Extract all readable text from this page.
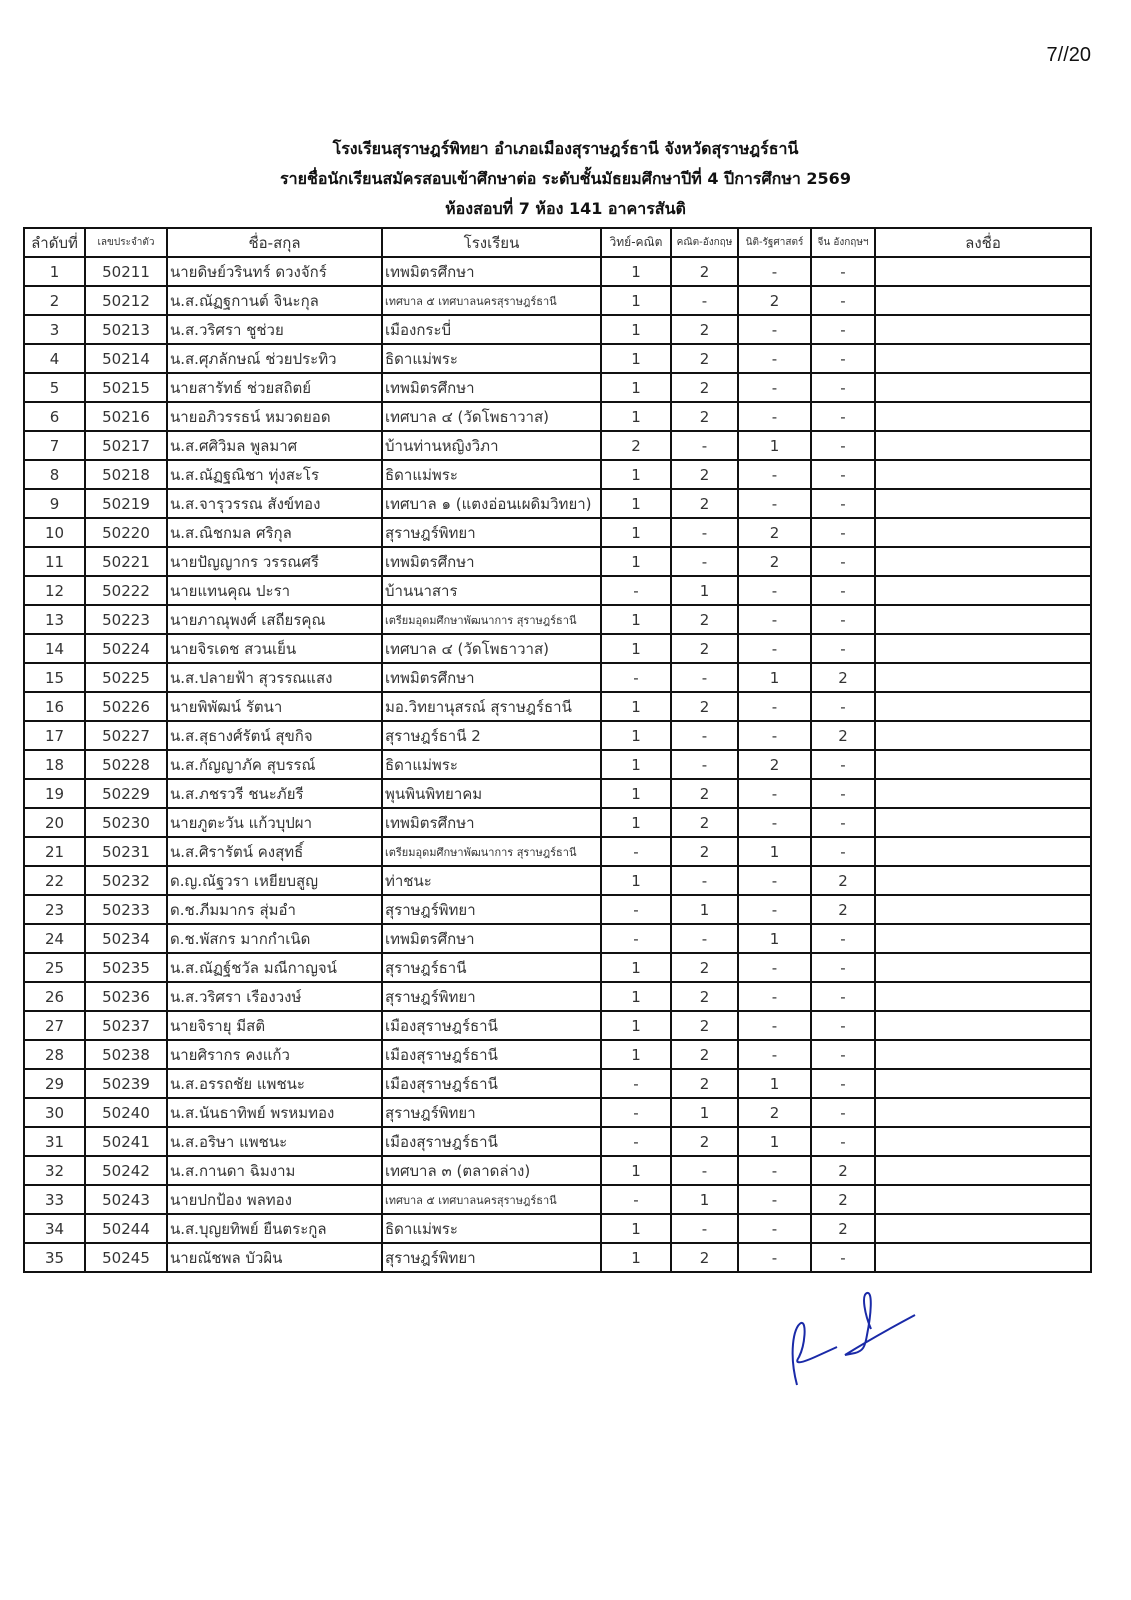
7//20
โรงเรียนสุราษฎร์พิทยา อำเภอเมืองสุราษฎร์ธานี จังหวัดสุราษฎร์ธานี
รายชื่อนักเรียนสมัครสอบเข้าศึกษาต่อ ระดับชั้นมัธยมศึกษาปีที่ 4 ปีการศึกษา 2569
ห้องสอบที่ 7 ห้อง 141 อาคารสันติ
ลำดับที่	เลขประจำตัว	ชื่อ-สกุล	โรงเรียน	วิทย์-คณิต	คณิต-อังกฤษ	นิติ-รัฐศาสตร์	จีน อังกฤษฯ	ลงชื่อ
1	50211	นายดิษย์วรินทร์ ดวงจักร์	เทพมิตรศึกษา	1	2	-	-	
2	50212	น.ส.ณัฏฐกานต์ จินะกุล	เทศบาล ๕ เทศบาลนครสุราษฎร์ธานี	1	-	2	-	
3	50213	น.ส.วริศรา ชูช่วย	เมืองกระบี่	1	2	-	-	
4	50214	น.ส.ศุภลักษณ์ ช่วยประทิว	ธิดาแม่พระ	1	2	-	-	
5	50215	นายสารัทธ์ ช่วยสถิตย์	เทพมิตรศึกษา	1	2	-	-	
6	50216	นายอภิวรรธน์ หมวดยอด	เทศบาล ๔ (วัดโพธาวาส)	1	2	-	-	
7	50217	น.ส.ศศิวิมล พูลมาศ	บ้านท่านหญิงวิภา	2	-	1	-	
8	50218	น.ส.ณัฏฐณิชา ทุ่งสะโร	ธิดาแม่พระ	1	2	-	-	
9	50219	น.ส.จารุวรรณ สังข์ทอง	เทศบาล ๑ (แตงอ่อนเผดิมวิทยา)	1	2	-	-	
10	50220	น.ส.ณิชกมล ศริกุล	สุราษฎร์พิทยา	1	-	2	-	
11	50221	นายปัญญากร วรรณศรี	เทพมิตรศึกษา	1	-	2	-	
12	50222	นายแทนคุณ ปะรา	บ้านนาสาร	-	1	-	-	
13	50223	นายภาณุพงศ์ เสถียรคุณ	เตรียมอุดมศึกษาพัฒนาการ สุราษฎร์ธานี	1	2	-	-	
14	50224	นายจิรเดช สวนเย็น	เทศบาล ๔ (วัดโพธาวาส)	1	2	-	-	
15	50225	น.ส.ปลายฟ้า สุวรรณแสง	เทพมิตรศึกษา	-	-	1	2	
16	50226	นายพิพัฒน์ รัตนา	มอ.วิทยานุสรณ์ สุราษฎร์ธานี	1	2	-	-	
17	50227	น.ส.สุธางศ์รัตน์ สุขกิจ	สุราษฎร์ธานี 2	1	-	-	2	
18	50228	น.ส.กัญญาภัค สุบรรณ์	ธิดาแม่พระ	1	-	2	-	
19	50229	น.ส.ภชรวรี ชนะภัยรี	พุนพินพิทยาคม	1	2	-	-	
20	50230	นายภูตะวัน แก้วบุปผา	เทพมิตรศึกษา	1	2	-	-	
21	50231	น.ส.ศิรารัตน์ คงสุทธิ์	เตรียมอุดมศึกษาพัฒนาการ สุราษฎร์ธานี	-	2	1	-	
22	50232	ด.ญ.ณัฐวรา เหยียบสูญ	ท่าชนะ	1	-	-	2	
23	50233	ด.ช.ภีมมากร สุ่มอำ	สุราษฎร์พิทยา	-	1	-	2	
24	50234	ด.ช.พัสกร มากกำเนิด	เทพมิตรศึกษา	-	-	1	-	
25	50235	น.ส.ณัฏฐ์ชวัล มณีกาญจน์	สุราษฎร์ธานี	1	2	-	-	
26	50236	น.ส.วริศรา เรืองวงษ์	สุราษฎร์พิทยา	1	2	-	-	
27	50237	นายจิรายุ มีสติ	เมืองสุราษฎร์ธานี	1	2	-	-	
28	50238	นายศิรากร คงแก้ว	เมืองสุราษฎร์ธานี	1	2	-	-	
29	50239	น.ส.อรรถชัย แพชนะ	เมืองสุราษฎร์ธานี	-	2	1	-	
30	50240	น.ส.นันธาทิพย์ พรหมทอง	สุราษฎร์พิทยา	-	1	2	-	
31	50241	น.ส.อริษา แพชนะ	เมืองสุราษฎร์ธานี	-	2	1	-	
32	50242	น.ส.กานดา ฉิมงาม	เทศบาล ๓ (ตลาดล่าง)	1	-	-	2	
33	50243	นายปกป้อง พลทอง	เทศบาล ๕ เทศบาลนครสุราษฎร์ธานี	-	1	-	2	
34	50244	น.ส.บุญยทิพย์ ยืนตระกูล	ธิดาแม่พระ	1	-	-	2	
35	50245	นายณัชพล บัวผิน	สุราษฎร์พิทยา	1	2	-	-	
